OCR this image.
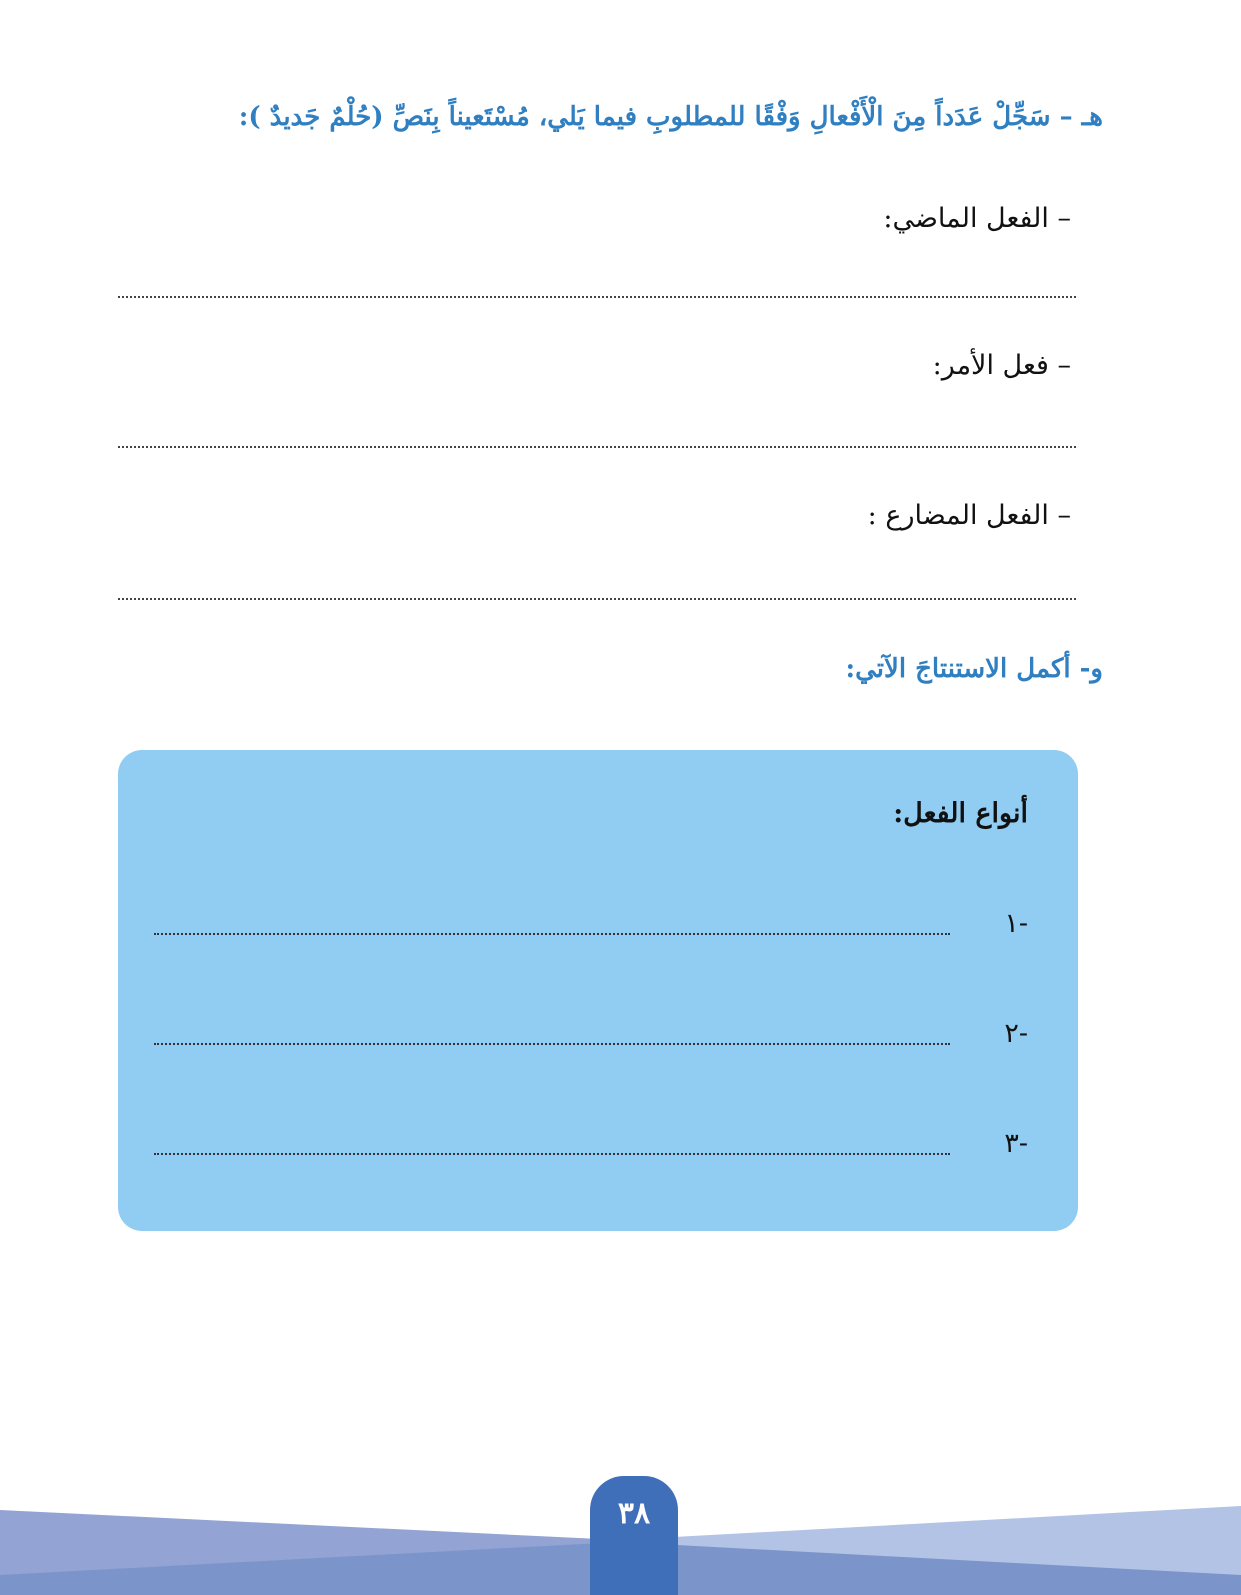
هـ – سَجِّلْ عَدَداً مِنَ الْأَفْعالِ وَفْقًا للمطلوبِ فيما يَلي، مُسْتَعيناً بِنَصِّ (حُلْمٌ جَديدٌ ):
– الفعل الماضي:
– فعل الأمر:
– الفعل المضارع :
و- أكمل الاستنتاجَ الآتي:
أنواع الفعل:
-١
-٢
-٣
٣٨
